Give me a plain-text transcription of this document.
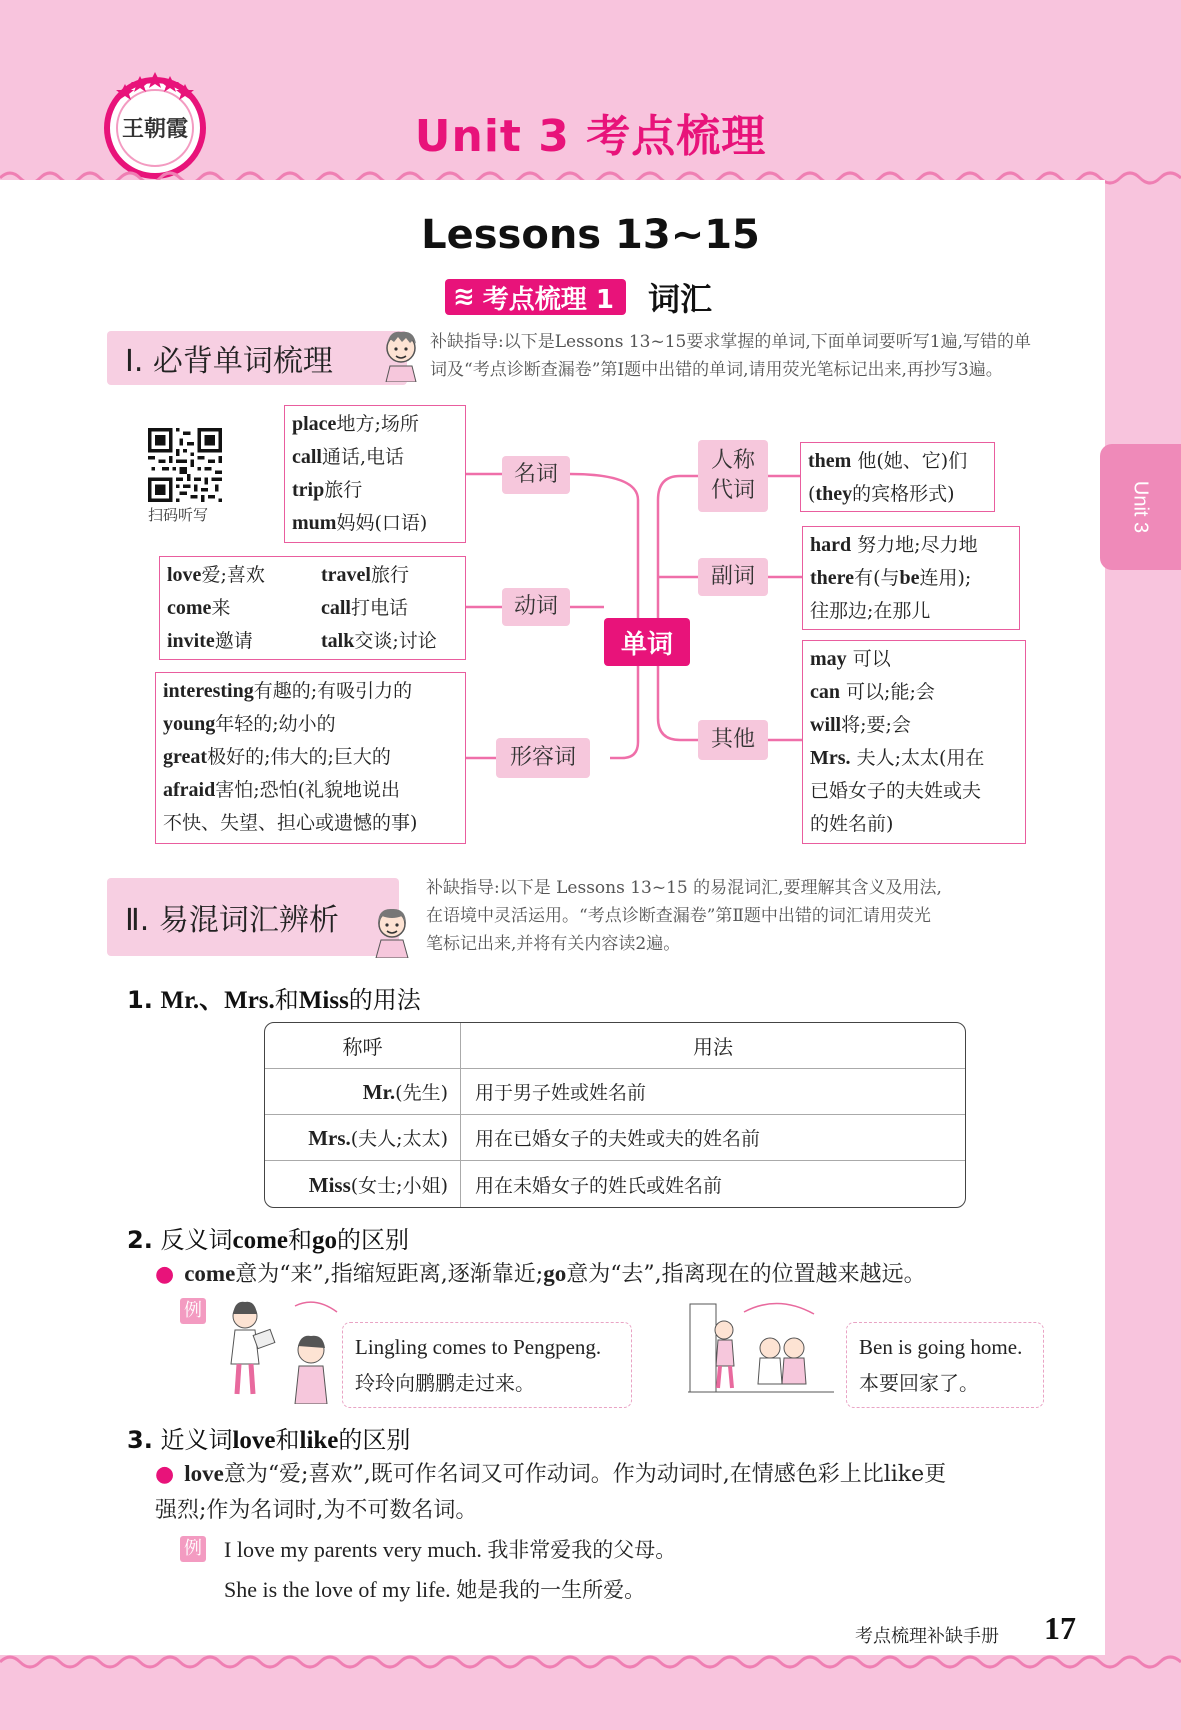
王朝霞	Unit 3 考点梳理
Unit 3
Lessons 13~15
≋ 考点梳理 1 词汇
Ⅰ. 必背单词梳理
补缺指导:以下是Lessons 13~15要求掌握的单词,下面单词要听写1遍,写错的单
词及“考点诊断查漏卷”第Ⅰ题中出错的单词,请用荧光笔标记出来,再抄写3遍。
扫码听写
place地方;场所
call通话,电话
trip旅行
mum妈妈(口语)
名词
love爱;喜欢	travel旅行
come来	call打电话
invite邀请	talk交谈;讨论
动词
interesting有趣的;有吸引力的
young年轻的;幼小的
great极好的;伟大的;巨大的
afraid害怕;恐怕(礼貌地说出
不快、失望、担心或遗憾的事)
形容词
单词
人称
代词
them 他(她、它)们
(they的宾格形式)
副词
hard 努力地;尽力地
there有(与be连用);
往那边;在那儿
其他
may 可以
can 可以;能;会
will将;要;会
Mrs. 夫人;太太(用在
已婚女子的夫姓或夫
的姓名前)
Ⅱ. 易混词汇辨析
补缺指导:以下是 Lessons 13~15 的易混词汇,要理解其含义及用法,
在语境中灵活运用。“考点诊断查漏卷”第Ⅱ题中出错的词汇请用荧光
笔标记出来,并将有关内容读2遍。
1. Mr.、Mrs.和Miss的用法
称呼	用法
Mr.(先生)	用于男子姓或姓名前
Mrs.(夫人;太太)	用在已婚女子的夫姓或夫的姓名前
Miss(女士;小姐)	用在未婚女子的姓氏或姓名前
2. 反义词come和go的区别
● come意为“来”,指缩短距离,逐渐靠近;go意为“去”,指离现在的位置越来越远。
例
Lingling comes to Pengpeng.
玲玲向鹏鹏走过来。
Ben is going home.
本要回家了。
3. 近义词love和like的区别
● love意为“爱;喜欢”,既可作名词又可作动词。作为动词时,在情感色彩上比like更
强烈;作为名词时,为不可数名词。
例 I love my parents very much. 我非常爱我的父母。
She is the love of my life. 她是我的一生所爱。
考点梳理补缺手册 17
